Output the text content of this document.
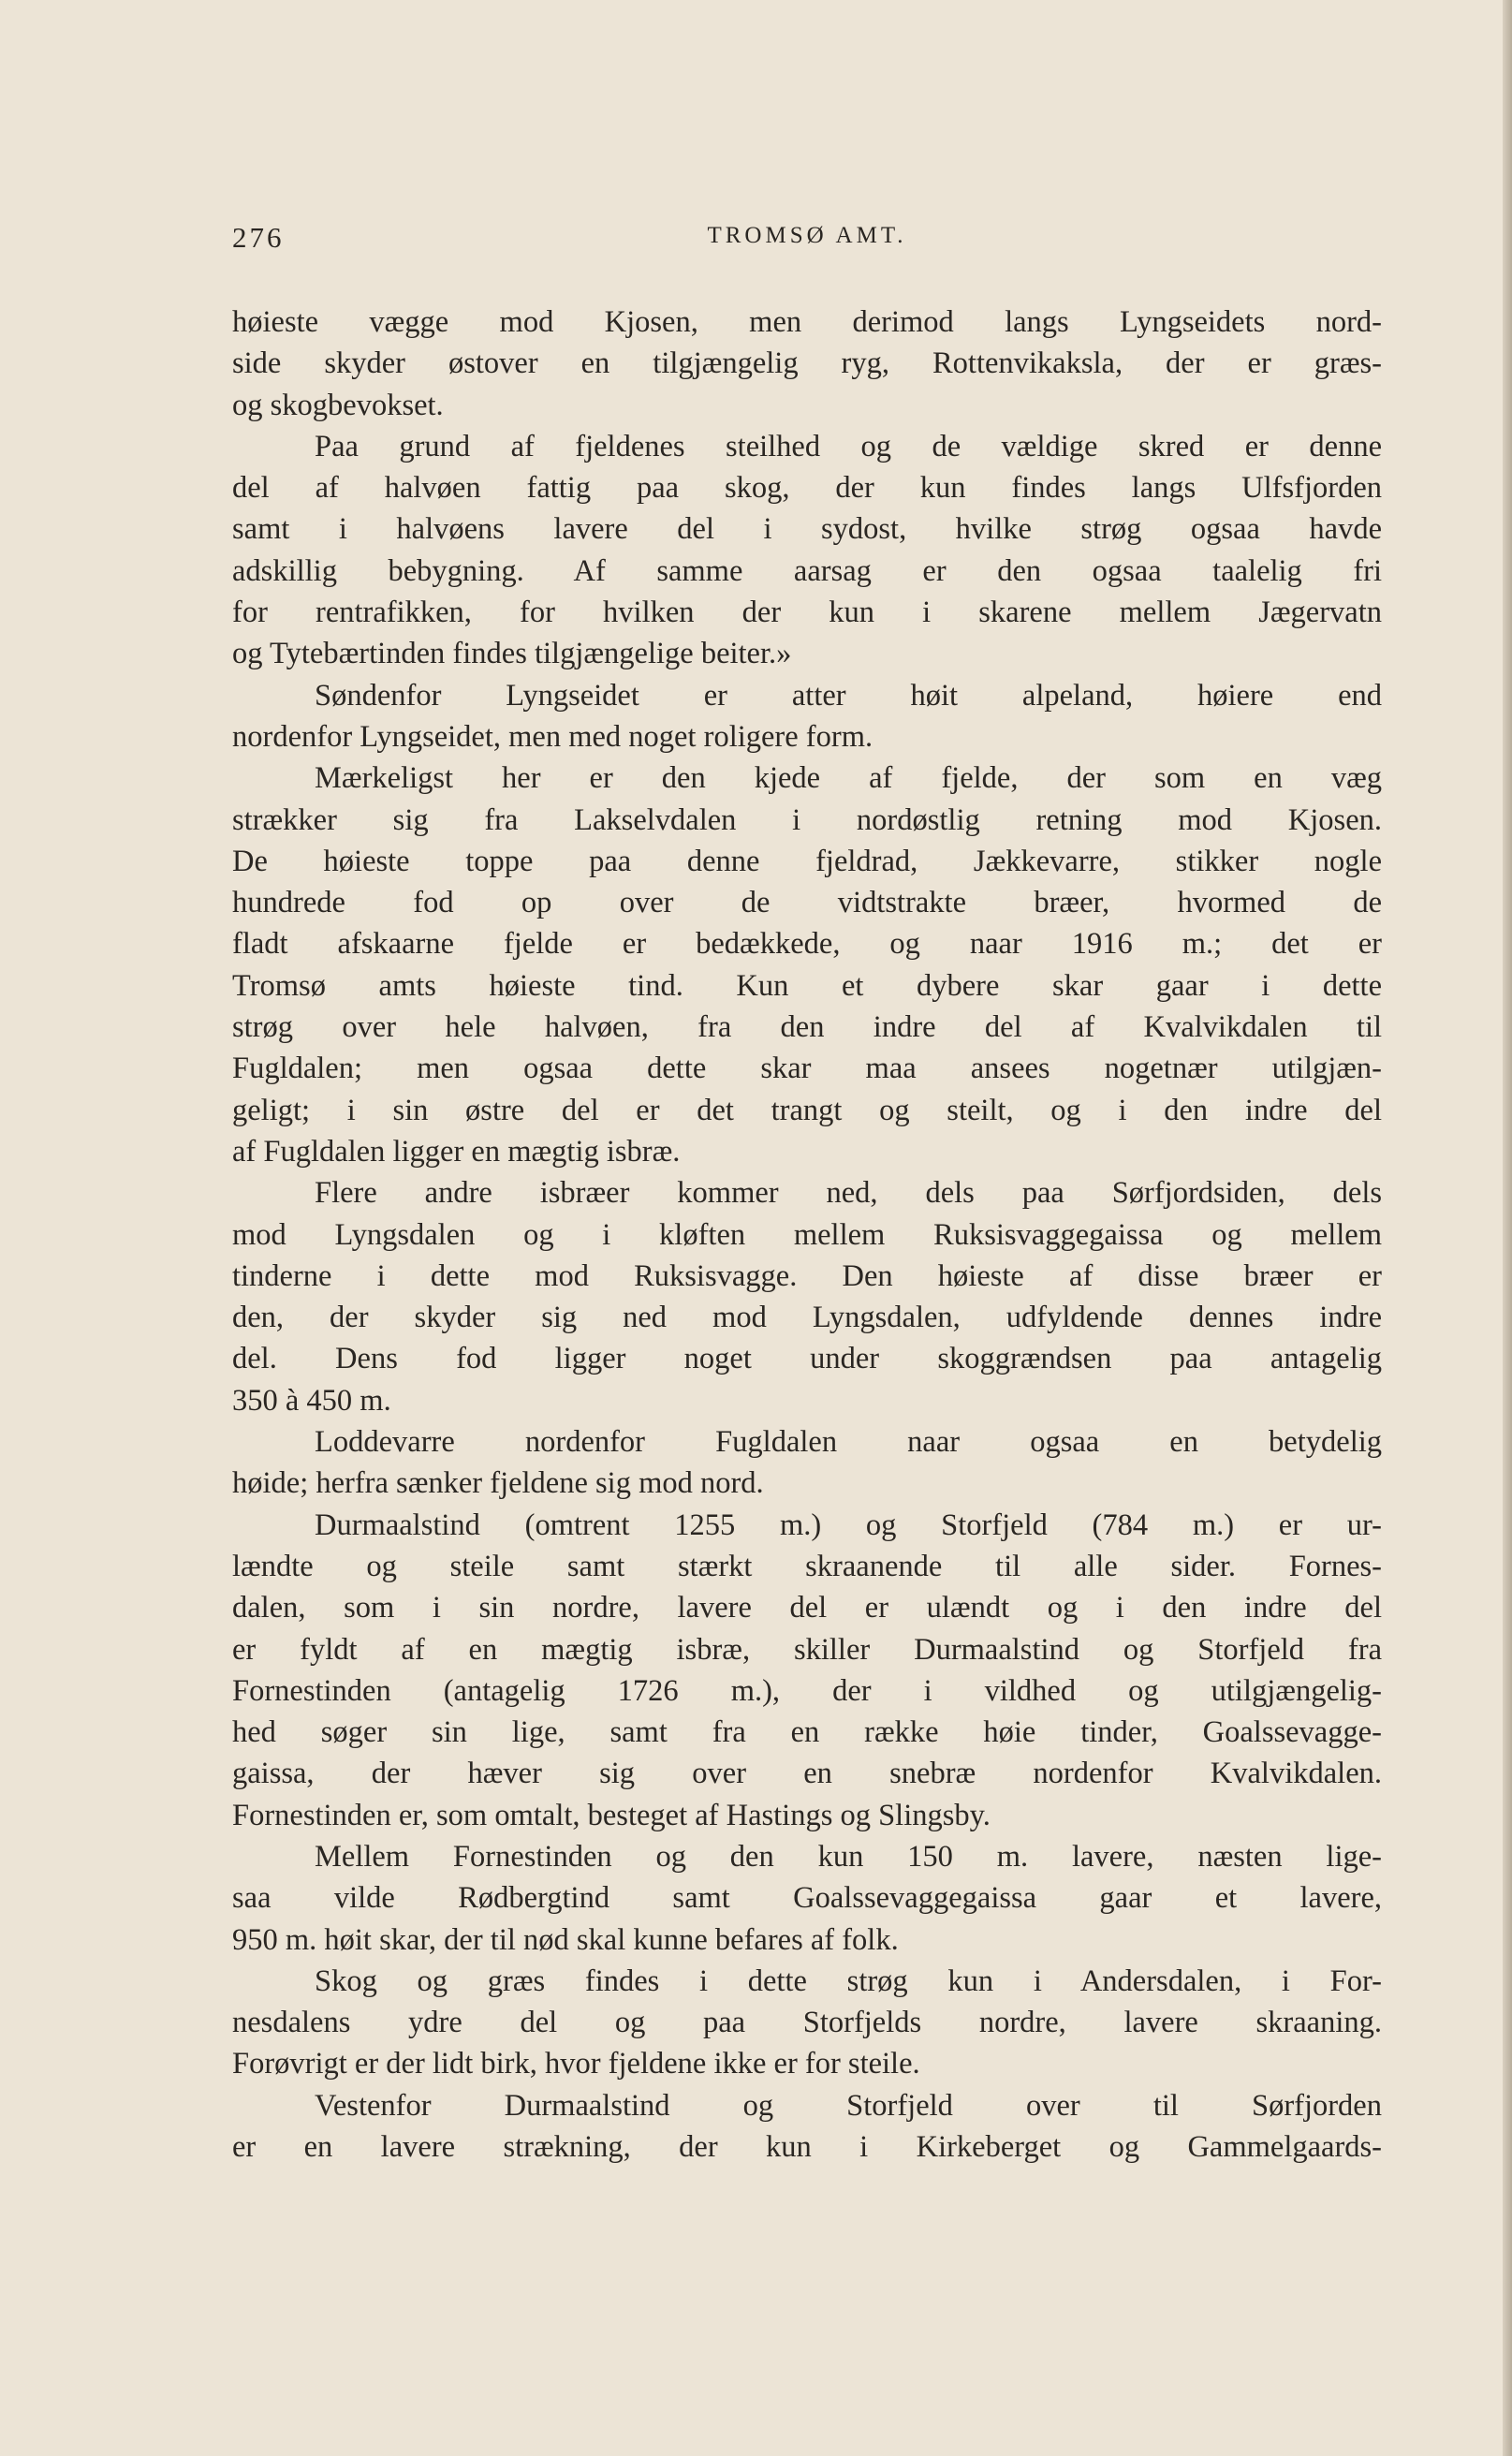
276	TROMSØ AMT.
høieste vægge mod Kjosen, men derimod langs Lyngseidets nord-
side skyder østover en tilgjængelig ryg, Rottenvikaksla, der er græs-
og skogbevokset.
Paa grund af fjeldenes steilhed og de vældige skred er denne
del af halvøen fattig paa skog, der kun findes langs Ulfsfjorden
samt i halvøens lavere del i sydost, hvilke strøg ogsaa havde
adskillig bebygning. Af samme aarsag er den ogsaa taalelig fri
for rentrafikken, for hvilken der kun i skarene mellem Jægervatn
og Tytebærtinden findes tilgjængelige beiter.»
Søndenfor Lyngseidet er atter høit alpeland, høiere end
nordenfor Lyngseidet, men med noget roligere form.
Mærkeligst her er den kjede af fjelde, der som en væg
strækker sig fra Lakselvdalen i nordøstlig retning mod Kjosen.
De høieste toppe paa denne fjeldrad, Jækkevarre, stikker nogle
hundrede fod op over de vidtstrakte bræer, hvormed de
fladt afskaarne fjelde er bedækkede, og naar 1916 m.; det er
Tromsø amts høieste tind. Kun et dybere skar gaar i dette
strøg over hele halvøen, fra den indre del af Kvalvikdalen til
Fugldalen; men ogsaa dette skar maa ansees nogetnær utilgjæn-
geligt; i sin østre del er det trangt og steilt, og i den indre del
af Fugldalen ligger en mægtig isbræ.
Flere andre isbræer kommer ned, dels paa Sørfjordsiden, dels
mod Lyngsdalen og i kløften mellem Ruksisvaggegaissa og mellem
tinderne i dette mod Ruksisvagge. Den høieste af disse bræer er
den, der skyder sig ned mod Lyngsdalen, udfyldende dennes indre
del. Dens fod ligger noget under skoggrændsen paa antagelig
350 à 450 m.
Loddevarre nordenfor Fugldalen naar ogsaa en betydelig
høide; herfra sænker fjeldene sig mod nord.
Durmaalstind (omtrent 1255 m.) og Storfjeld (784 m.) er ur-
lændte og steile samt stærkt skraanende til alle sider. Fornes-
dalen, som i sin nordre, lavere del er ulændt og i den indre del
er fyldt af en mægtig isbræ, skiller Durmaalstind og Storfjeld fra
Fornestinden (antagelig 1726 m.), der i vildhed og utilgjængelig-
hed søger sin lige, samt fra en række høie tinder, Goalssevagge-
gaissa, der hæver sig over en snebræ nordenfor Kvalvikdalen.
Fornestinden er, som omtalt, besteget af Hastings og Slingsby.
Mellem Fornestinden og den kun 150 m. lavere, næsten lige-
saa vilde Rødbergtind samt Goalssevaggegaissa gaar et lavere,
950 m. høit skar, der til nød skal kunne befares af folk.
Skog og græs findes i dette strøg kun i Andersdalen, i For-
nesdalens ydre del og paa Storfjelds nordre, lavere skraaning.
Forøvrigt er der lidt birk, hvor fjeldene ikke er for steile.
Vestenfor Durmaalstind og Storfjeld over til Sørfjorden
er en lavere strækning, der kun i Kirkeberget og Gammelgaards-
